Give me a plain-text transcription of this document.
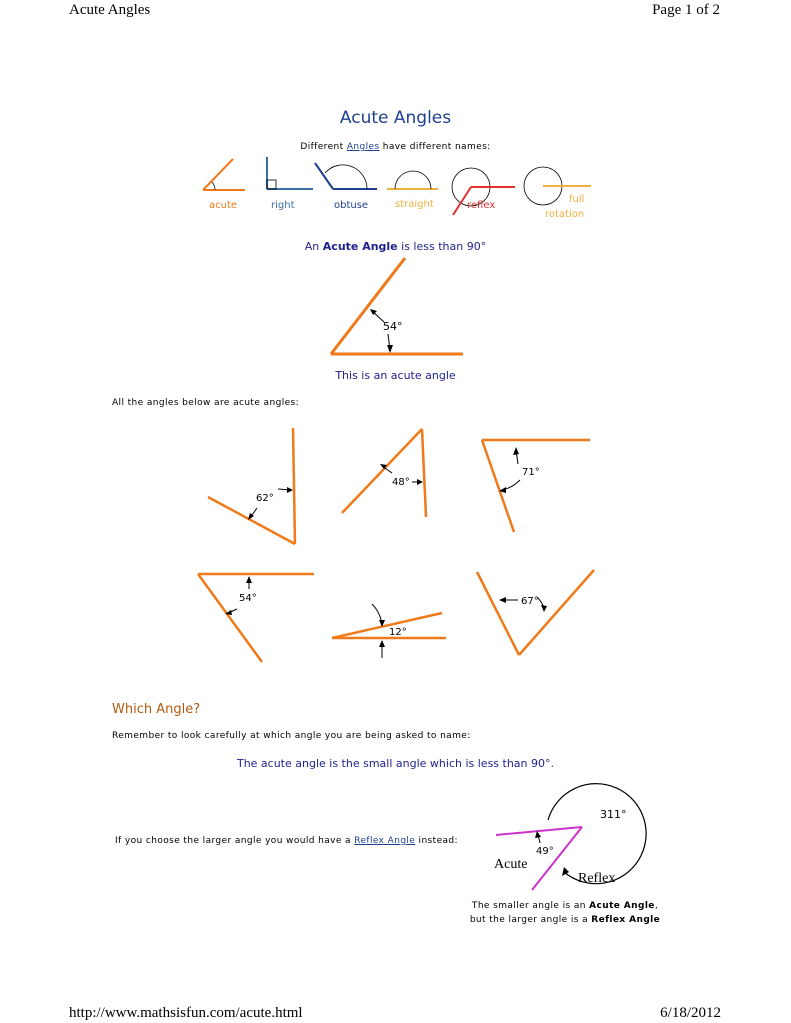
Acute Angles	Page 1 of 2
Acute Angles
Different Angles have different names:
acute	right	obtuse	straight	reflex
full
rotation
An Acute Angle is less than 90°
54°
This is an acute angle
All the angles below are acute angles:
62°
48°
71°
54°
12°
67°
Which Angle?
Remember to look carefully at which angle you are being asked to name:
The acute angle is the small angle which is less than 90°.
If you choose the larger angle you would have a Reflex Angle instead:
49°
311°
Acute
Reflex
The smaller angle is an Acute Angle,
but the larger angle is a Reflex Angle
http://www.mathsisfun.com/acute.html	6/18/2012
